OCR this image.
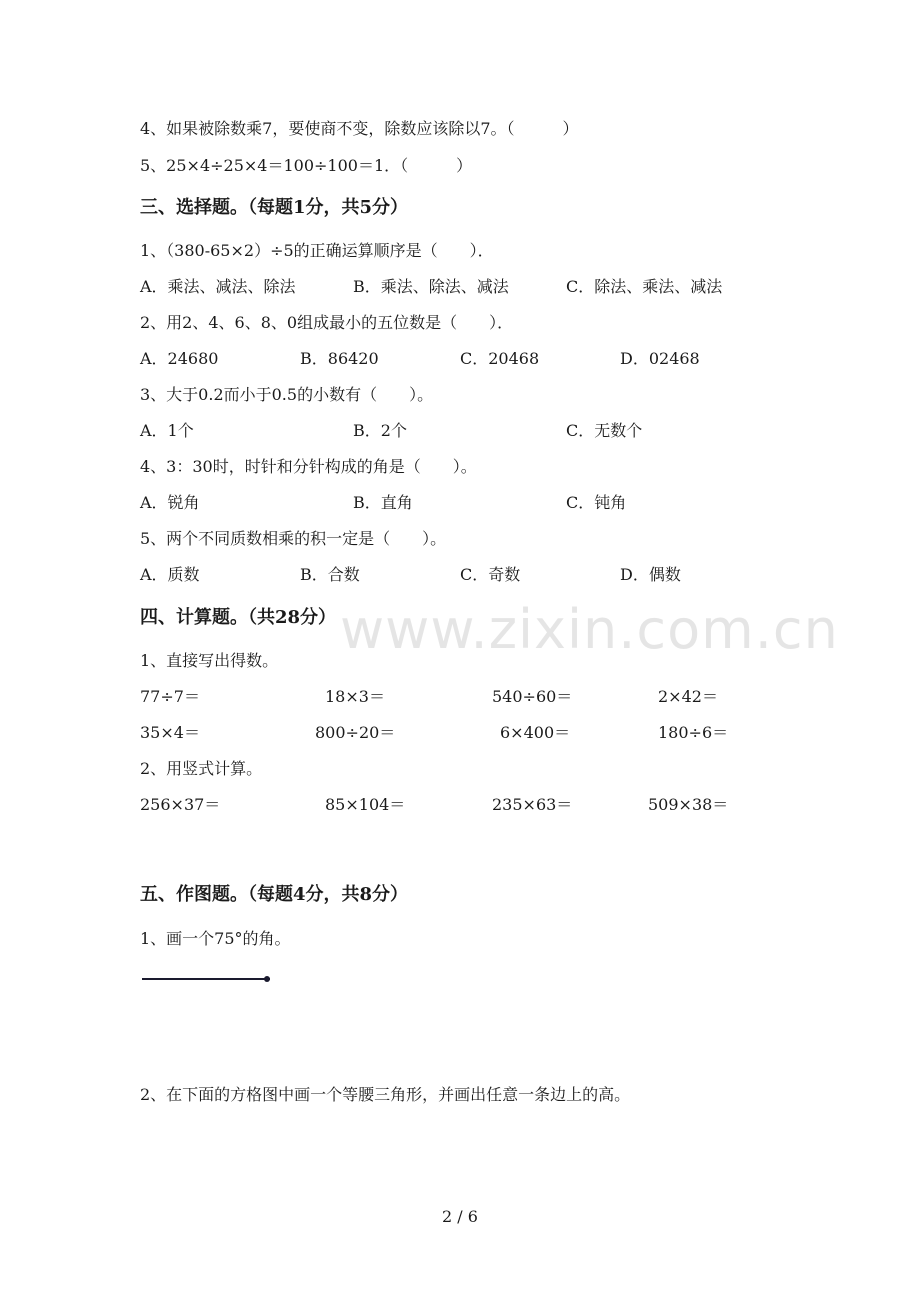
4、如果被除数乘7，要使商不变，除数应该除以7。（　　　）
5、25×4÷25×4＝100÷100＝1．（　　　）
三、选择题。（每题1分，共5分）
1、（380-65×2）÷5的正确运算顺序是（　　）．
A．乘法、减法、除法	B．乘法、除法、减法	C．除法、乘法、减法
2、用2、4、6、8、0组成最小的五位数是（　　）．
A．24680	B．86420	C．20468	D．02468
3、大于0.2而小于0.5的小数有（　　）。
A．1个	B．2个	C．无数个
4、3：30时，时针和分针构成的角是（　　）。
A．锐角	B．直角	C．钝角
5、两个不同质数相乘的积一定是（　　）。
A．质数	B．合数	C．奇数	D．偶数
www.zixin.com.cn
四、计算题。（共28分）
1、直接写出得数。
77÷7＝	18×3＝	540÷60＝	2×42＝
35×4＝	800÷20＝	6×400＝	180÷6＝
2、用竖式计算。
256×37＝	85×104＝	235×63＝	509×38＝
五、作图题。（每题4分，共8分）
1、画一个75°的角。
2、在下面的方格图中画一个等腰三角形，并画出任意一条边上的高。
2 / 6
